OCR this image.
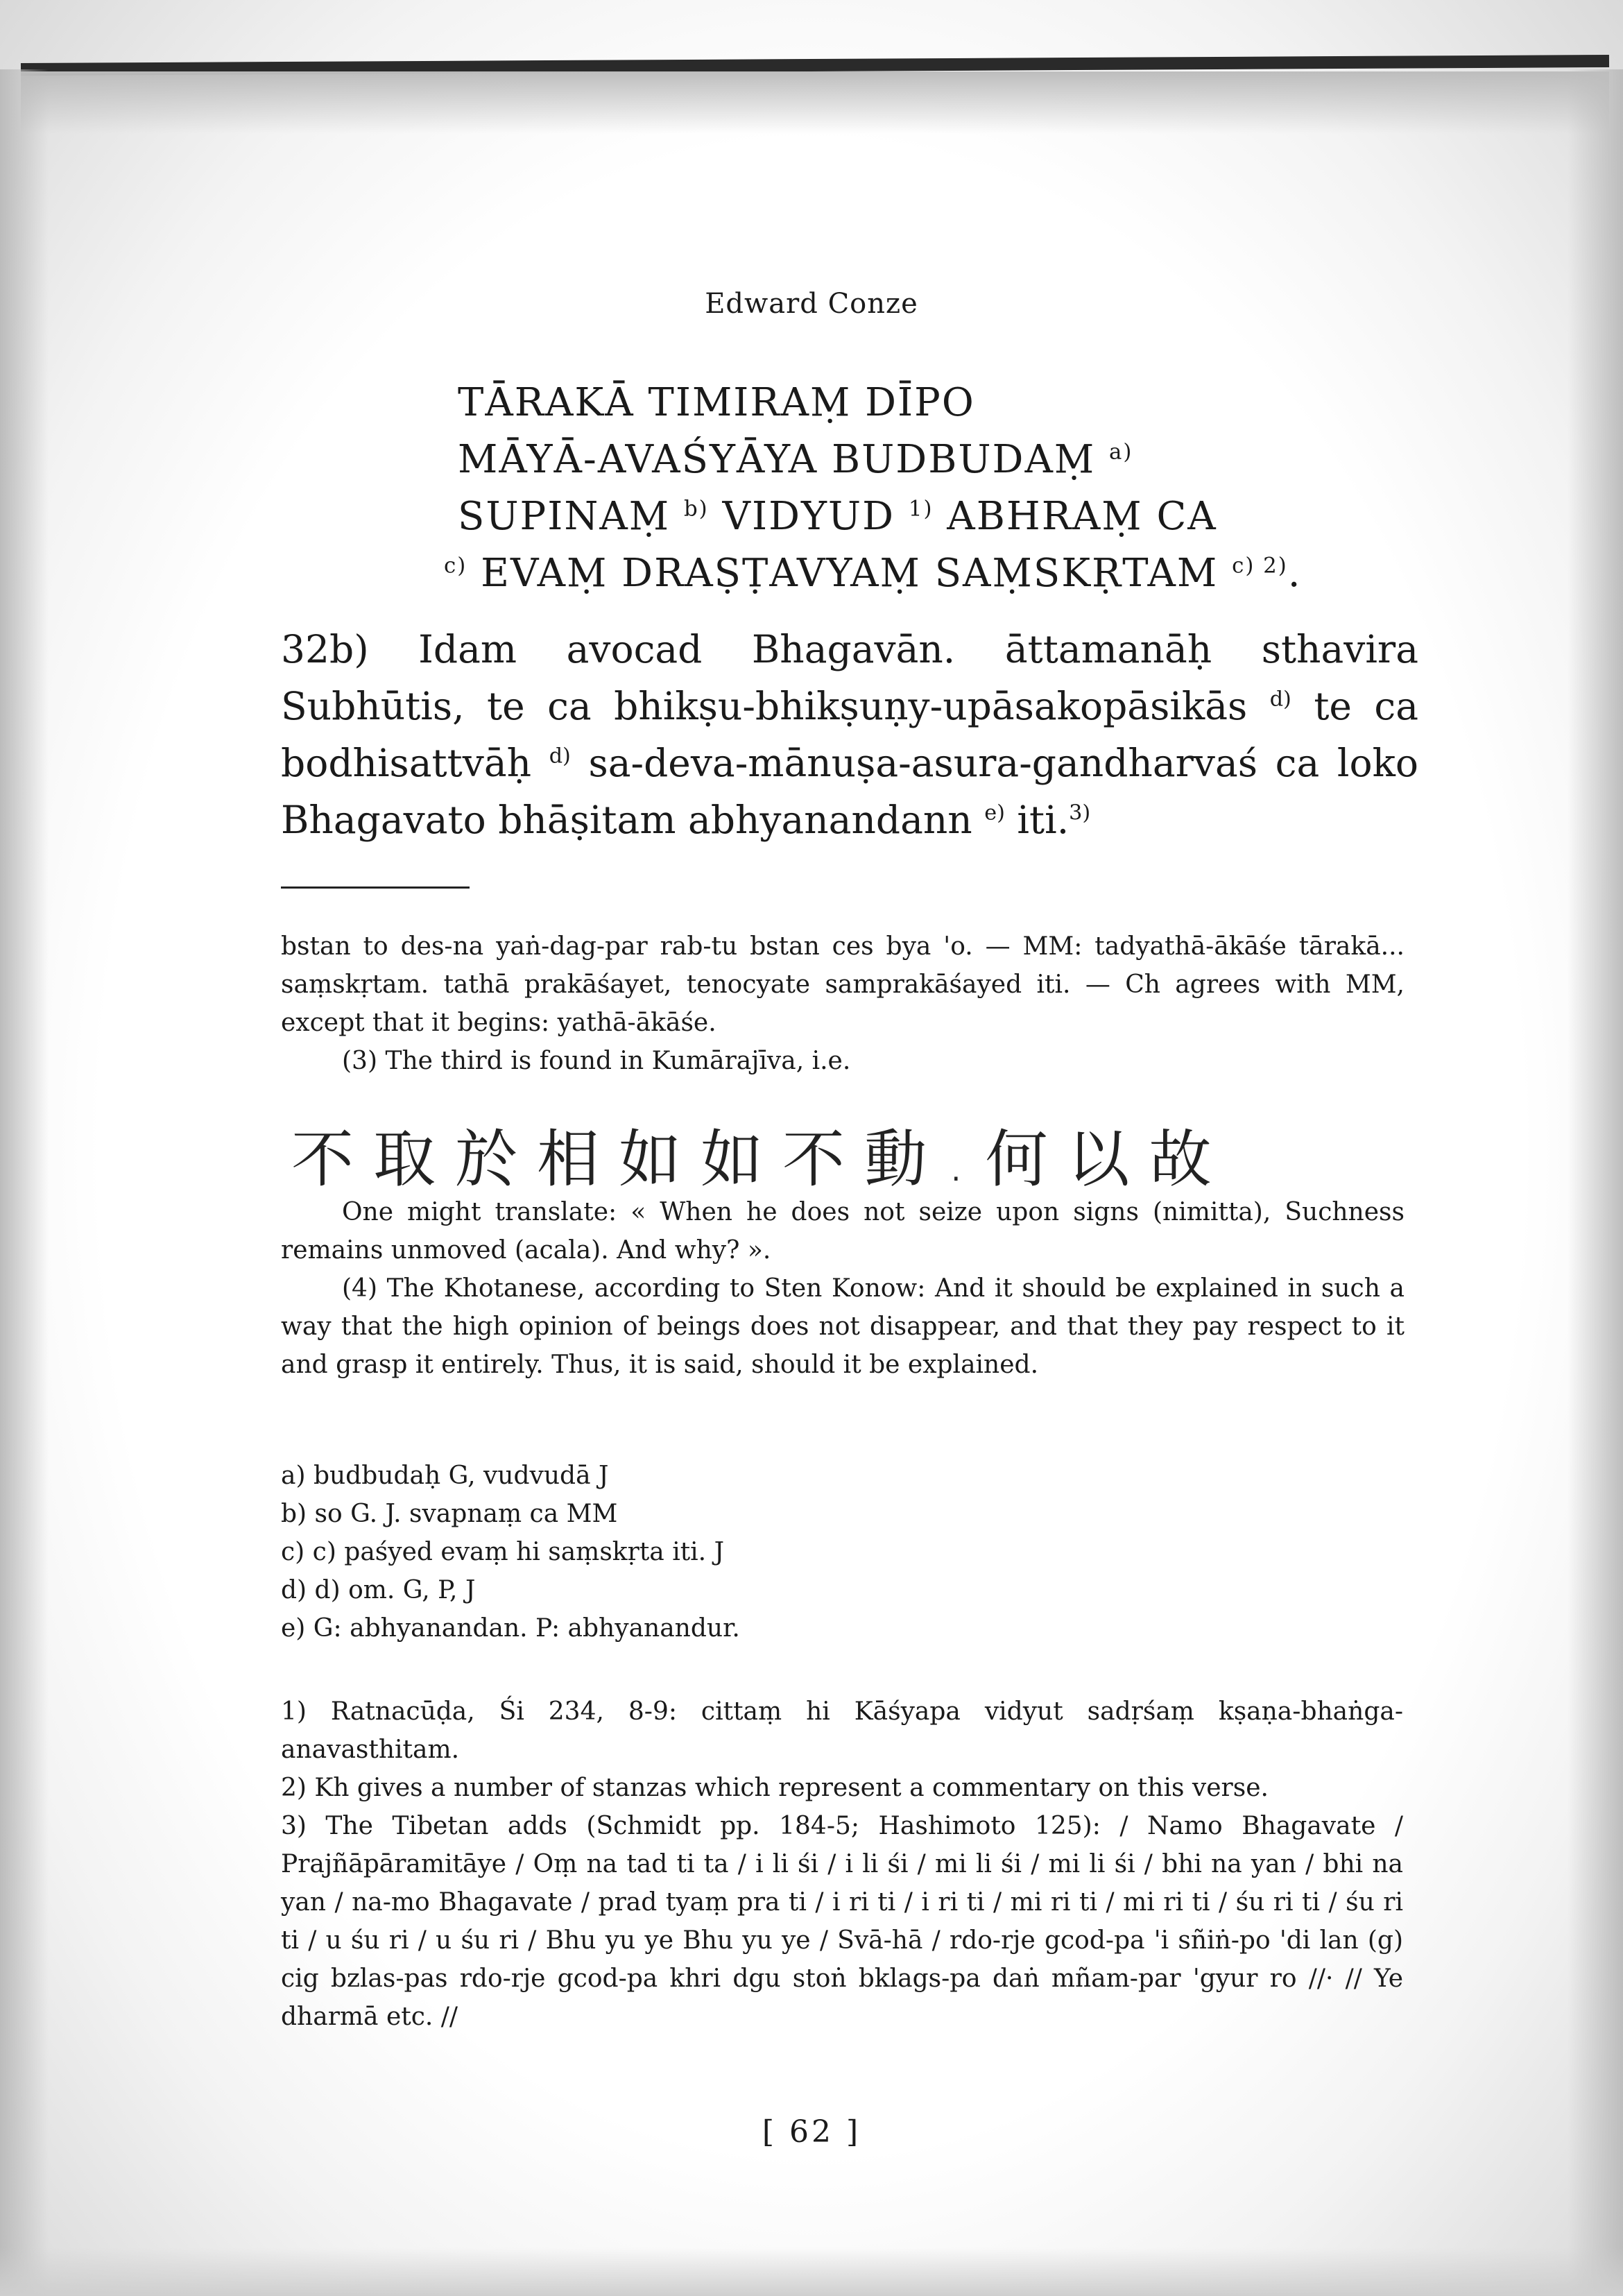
Edward Conze
TĀRAKĀ TIMIRAṂ DĪPO
MĀYĀ-AVAŚYĀYA BUDBUDAṂ $^{a)}$
SUPINAṂ $^{b)}$ VIDYUD $^{1)}$ ABHRAṂ CA
$^{c)}$ EVAṂ DRAṢṬAVYAṂ SAṂSKṚTAM $^{c) 2)}$.
32b) Idam avocad Bhagavān. āttamanāḥ sthavira Subhūtis, te ca bhikṣu-bhikṣuṇy-upāsakopāsikās $^{d)}$ te ca bodhisattvāḥ $^{d)}$ sa-deva-mānuṣa-asura-gandharvaś ca loko Bhagavato bhāṣitam abhyanandann $^{e)}$ iti.$^{3)}$

bstan to des-na yaṅ-dag-par rab-tu bstan ces bya 'o. — MM: tadyathā-ākāśe tārakā... saṃskṛtam. tathā prakāśayet, tenocyate samprakāśayed iti. — Ch agrees with MM, except that it begins: yathā-ākāśe.

(3) The third is found in Kumārajīva, i.e.

不取於相如如不動.何以故

One might translate: « When he does not seize upon signs (nimitta), Suchness remains unmoved (acala). And why? ».

(4) The Khotanese, according to Sten Konow: And it should be explained in such a way that the high opinion of beings does not disappear, and that they pay respect to it and grasp it entirely. Thus, it is said, should it be explained.

a) budbudaḥ G, vudvudā J
b) so G. J. svapnaṃ ca MM
c) c) paśyed evaṃ hi saṃskṛta iti. J
d) d) om. G, P, J
e) G: abhyanandan. P: abhyanandur.

1) Ratnacūḍa, Śi 234, 8-9: cittaṃ hi Kāśyapa vidyut sadṛśaṃ kṣaṇa-bhaṅga-anavasthitam.

2) Kh gives a number of stanzas which represent a commentary on this verse.

3) The Tibetan adds (Schmidt pp. 184-5; Hashimoto 125): / Namo Bhagavate / Prajñāpāramitāye / Oṃ na tad ti ta / i li śi / i li śi / mi li śi / mi li śi / bhi na yan / bhi na yan / na-mo Bhagavate / prad tyaṃ pra ti / i ri ti / i ri ti / mi ri ti / mi ri ti / śu ri ti / śu ri ti / u śu ri / u śu ri / Bhu yu ye Bhu yu ye / Svā-hā / rdo-rje gcod-pa 'i sñiṅ-po 'di lan (g) cig bzlas-pas rdo-rje gcod-pa khri dgu stoṅ bklags-pa daṅ mñam-par 'gyur ro //· // Ye dharmā etc. //

[ 62 ]
